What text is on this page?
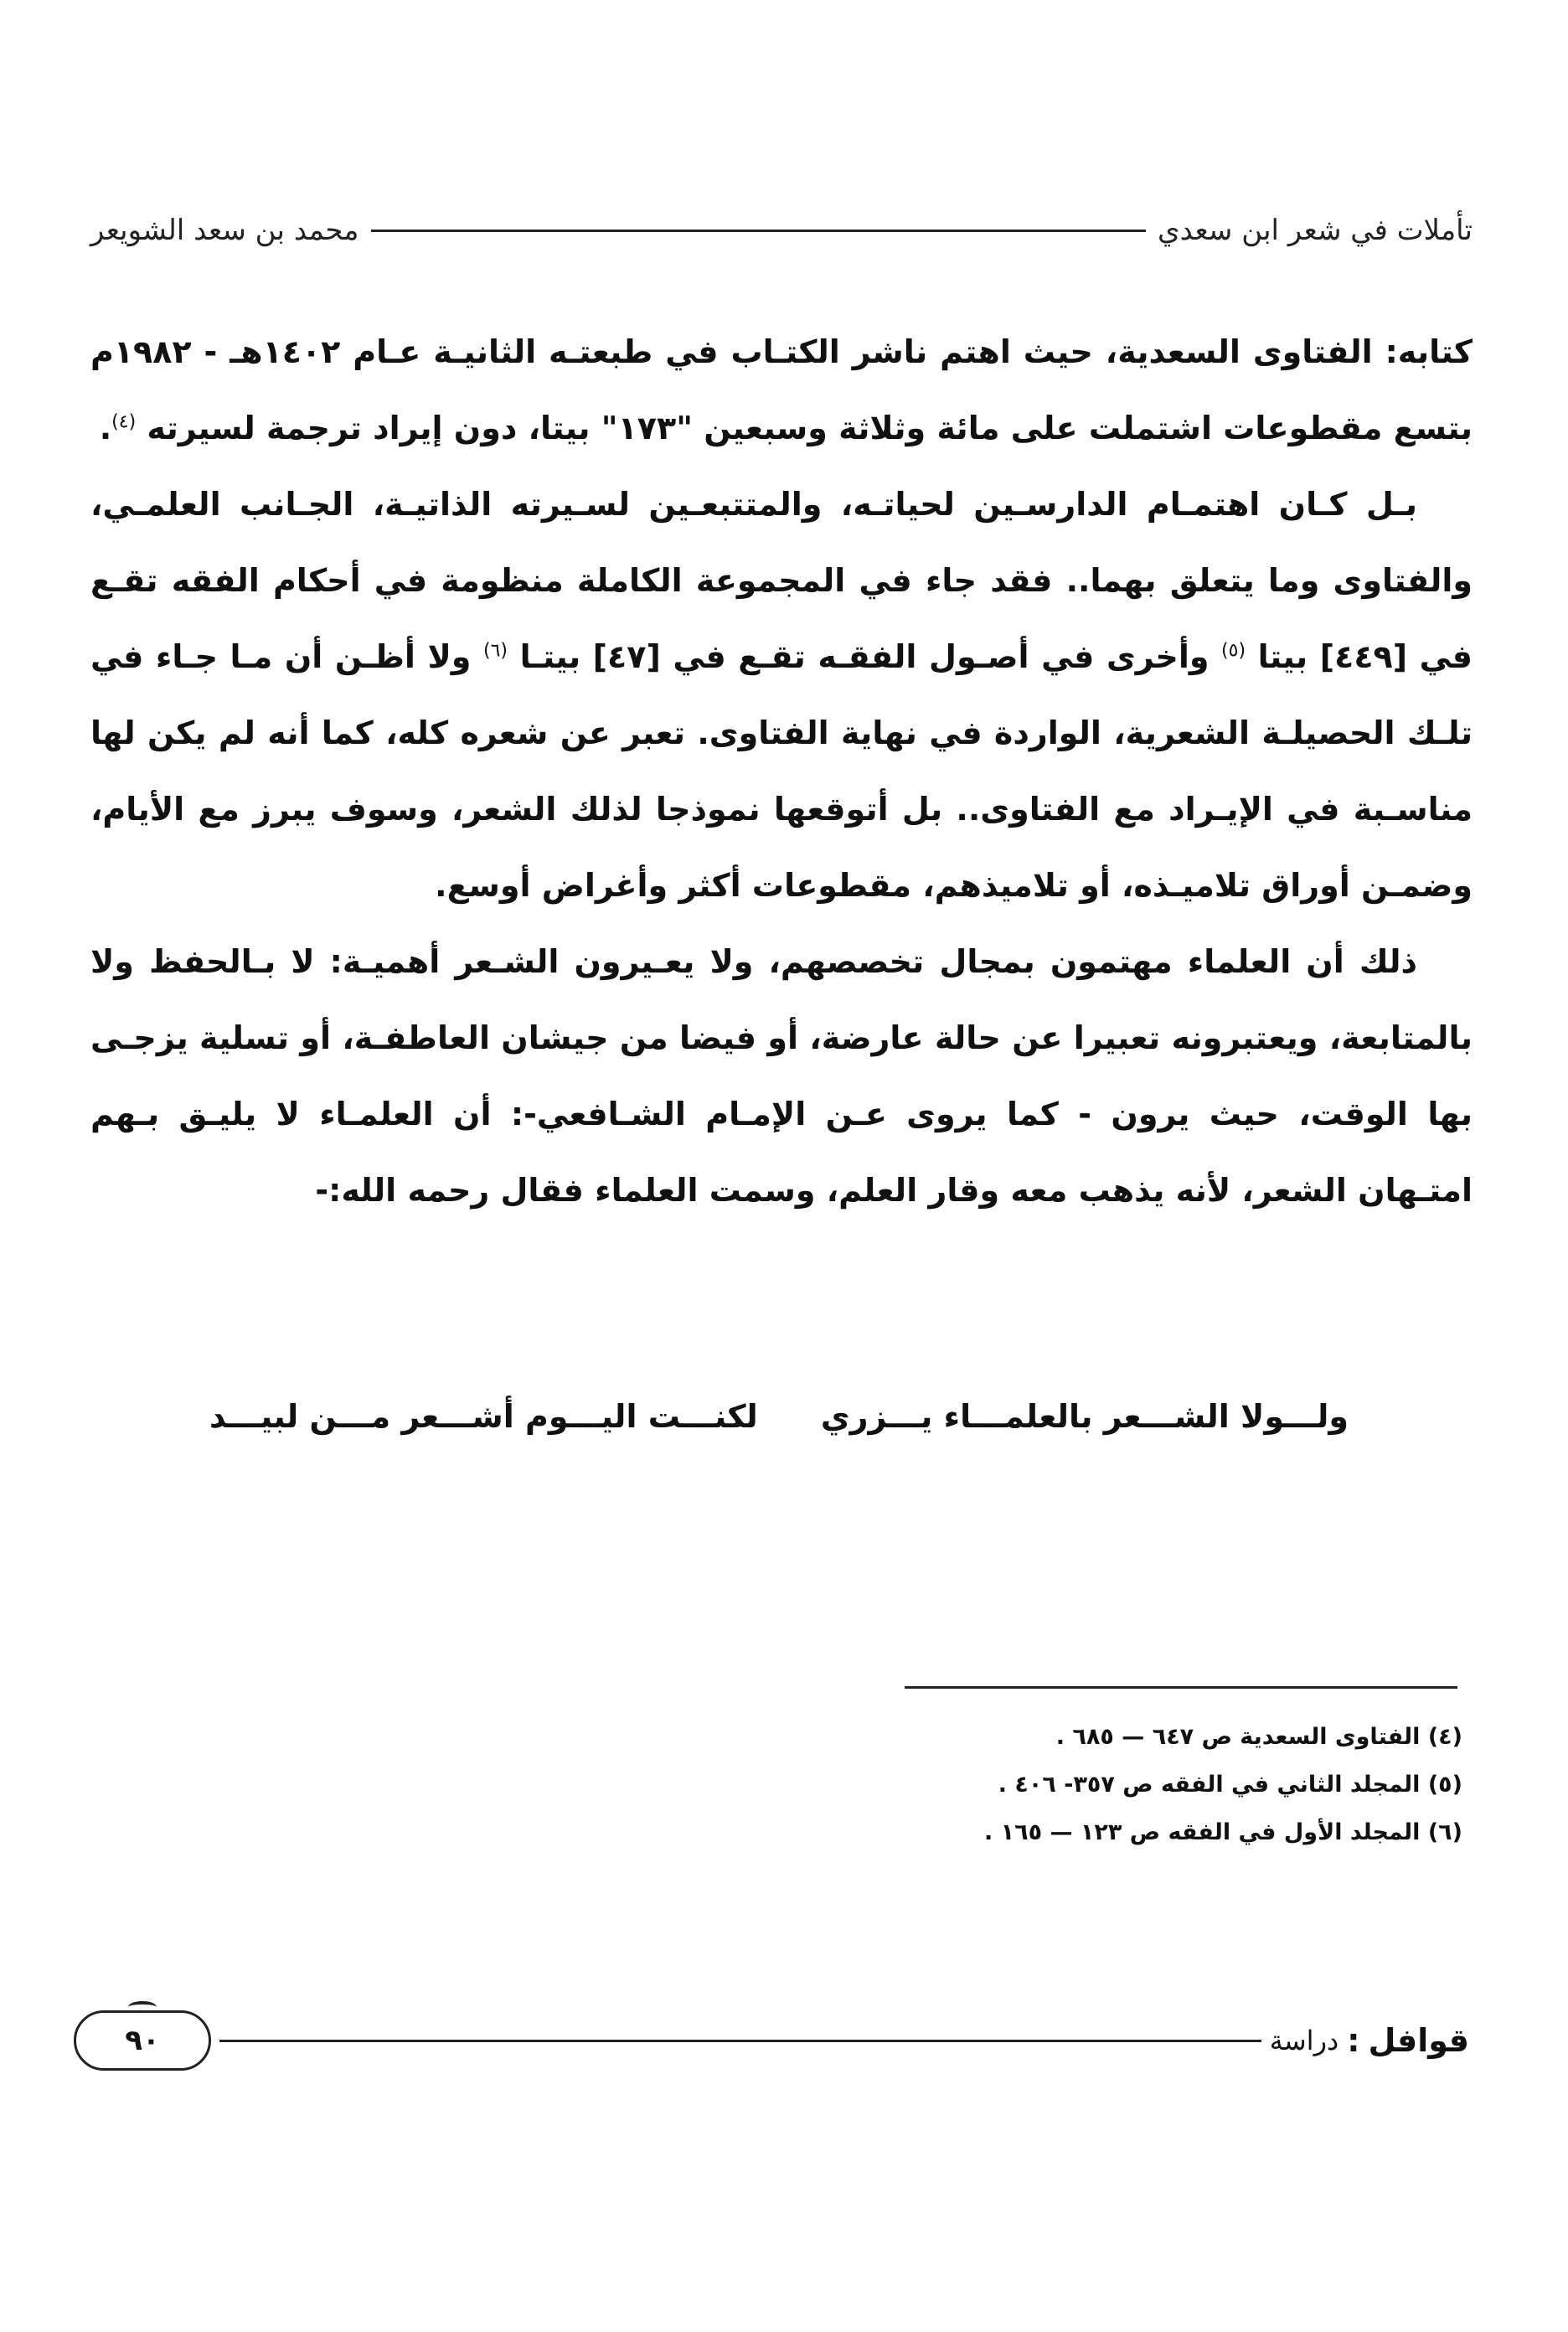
تأملات في شعر ابن سعدي
محمد بن سعد الشويعر

كتابه: الفتاوى السعدية، حيث اهتم ناشر الكتـاب في طبعتـه الثانيـة عـام ١٤٠٢هـ - ١٩٨٢م بتسع مقطوعات اشتملت على مائة وثلاثة وسبعين "١٧٣" بيتا، دون إيراد ترجمة لسيرته $^{(٤)}$.

بـل كـان اهتمـام الدارسـين لحياتـه، والمتتبعـين لسـيرته الذاتيـة، الجـانب العلمـي، والفتاوى وما يتعلق بهما.. فقد جاء في المجموعة الكاملة منظومة في أحكام الفقه تقـع في [٤٤٩] بيتا $^{(٥)}$ وأخرى في أصـول الفقـه تقـع في [٤٧] بيتـا $^{(٦)}$ ولا أظـن أن مـا جـاء في تلـك الحصيلـة الشعرية، الواردة في نهاية الفتاوى. تعبر عن شعره كله، كما أنه لم يكن لها مناسـبة في الإيـراد مع الفتاوى.. بل أتوقعها نموذجا لذلك الشعر، وسوف يبرز مع الأيام، وضمـن أوراق تلاميـذه، أو تلاميذهم، مقطوعات أكثر وأغراض أوسع.

ذلك أن العلماء مهتمون بمجال تخصصهم، ولا يعـيرون الشـعر أهميـة: لا بـالحفظ ولا بالمتابعة، ويعتبرونه تعبيرا عن حالة عارضة، أو فيضا من جيشان العاطفـة، أو تسلية يزجـى بها الوقت، حيث يرون - كما يروى عـن الإمـام الشـافعي-: أن العلمـاء لا يليـق بـهم امتـهان الشعر، لأنه يذهب معه وقار العلم، وسمت العلماء فقال رحمه الله:-

ولـــولا الشـــعر بالعلمـــاء يـــزري
لكنـــت اليـــوم أشـــعر مـــن لبيـــد
(٤) الفتاوى السعدية ص ٦٤٧ — ٦٨٥ .
(٥) المجلد الثاني في الفقه ص ٣٥٧- ٤٠٦ .
(٦) المجلد الأول في الفقه ص ١٢٣ — ١٦٥ .
قوافل
:
دراسة
٩٠
